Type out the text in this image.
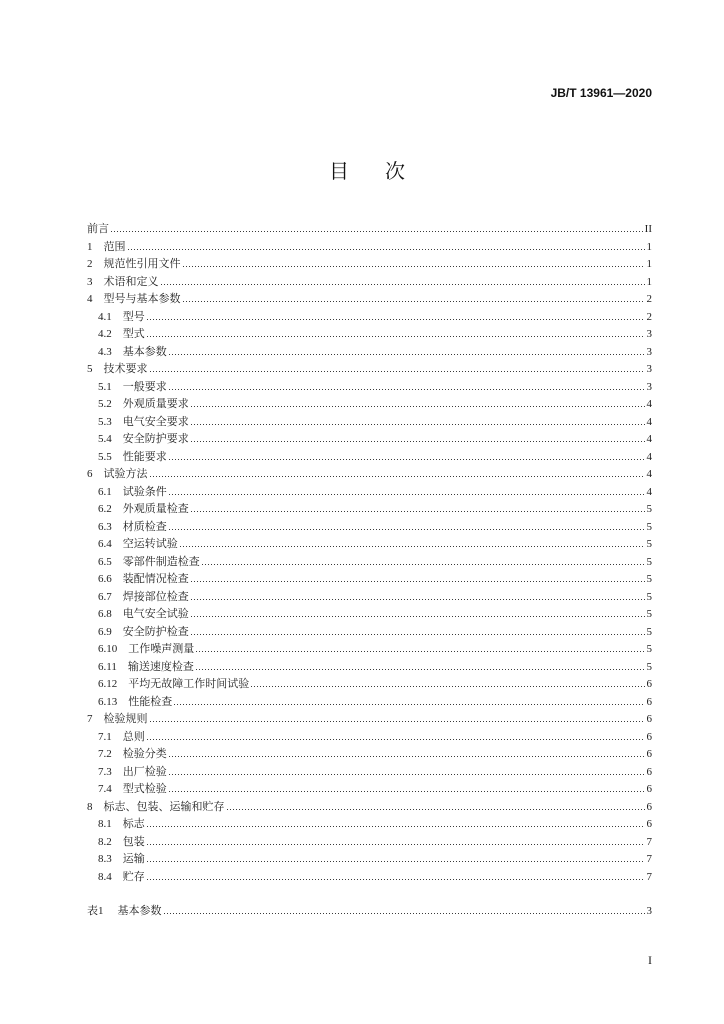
JB/T 13961—2020
目　次
前言	II
1 范围	1
2 规范性引用文件	1
3 术语和定义	1
4 型号与基本参数	2
4.1 型号	2
4.2 型式	3
4.3 基本参数	3
5 技术要求	3
5.1 一般要求	3
5.2 外观质量要求	4
5.3 电气安全要求	4
5.4 安全防护要求	4
5.5 性能要求	4
6 试验方法	4
6.1 试验条件	4
6.2 外观质量检查	5
6.3 材质检查	5
6.4 空运转试验	5
6.5 零部件制造检查	5
6.6 装配情况检查	5
6.7 焊接部位检查	5
6.8 电气安全试验	5
6.9 安全防护检查	5
6.10 工作噪声测量	5
6.11 输送速度检查	5
6.12 平均无故障工作时间试验	6
6.13 性能检查	6
7 检验规则	6
7.1 总则	6
7.2 检验分类	6
7.3 出厂检验	6
7.4 型式检验	6
8 标志、包装、运输和贮存	6
8.1 标志	6
8.2 包装	7
8.3 运输	7
8.4 贮存	7
表1 基本参数	3
I
